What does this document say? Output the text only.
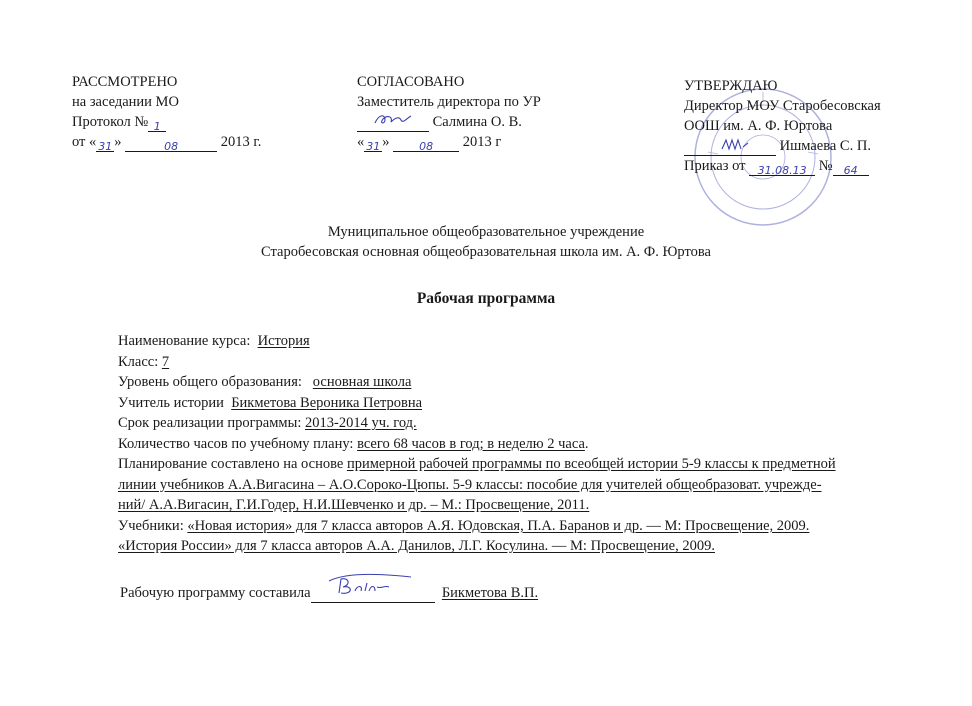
РАССМОТРЕНО
на заседании МО
Протокол № 1
от « 31 »	08	2013 г.
СОГЛАСОВАНО
Заместитель директора по УР
Салмина О. В.
« 31 »	08 2013 г
УТВЕРЖДАЮ
Директор МОУ Старобесовская
ООШ им. А. Ф. Юртова
Ишмаева С. П.
Приказ от 31.08.13 № 64
Муниципальное общеобразовательное учреждение
Старобесовская основная общеобразовательная школа им. А. Ф. Юртова
Рабочая программа
Наименование курса: История
Класс: 7
Уровень общего образования: основная школа
Учитель истории Бикметова Вероника Петровна
Срок реализации программы: 2013-2014 уч. год.
Количество часов по учебному плану: всего 68 часов в год; в неделю 2 часа.
Планирование составлено на основе примерной рабочей программы по всеобщей истории 5-9 классы к предметной
линии учебников А.А.Вигасина – А.О.Сороко-Цюпы. 5-9 классы: пособие для учителей общеобразоват. учрежде-
ний/ А.А.Вигасин, Г.И.Годер, Н.И.Шевченко и др. – М.: Просвещение, 2011.
Учебники: «Новая история» для 7 класса авторов А.Я. Юдовская, П.А. Баранов и др. — М: Просвещение, 2009.
«История России» для 7 класса авторов А.А. Данилов, Л.Г. Косулина. — М: Просвещение, 2009.
Рабочую программу составила	Бикметова В.П.
